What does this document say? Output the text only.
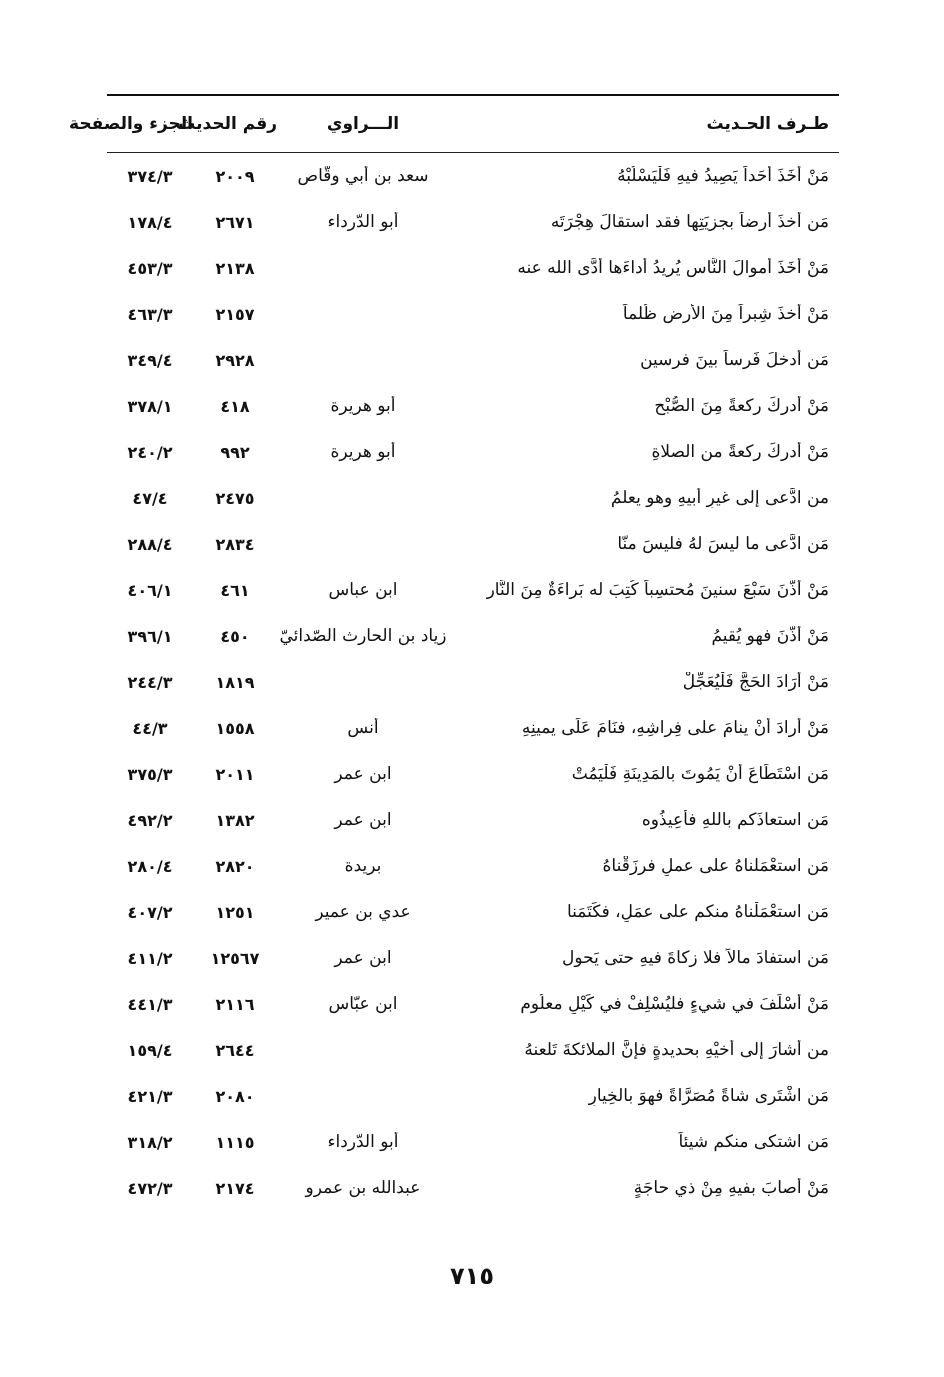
طـرف الحـديث
الـــراوي
رقم الحديث
الجزء والصفحة
مَنْ أَخَذَ أَحَداً يَصِيدُ فيهِ فَلْيَسْلُبْهُ
سعد بن أبي وقّاص
٢٠٠٩
٣٧٤/٣
مَن أخذَ أرضاً بجزيَتِها فقد استقالَ هِجْرَتَه
أبو الدّرداء
٢٦٧١
١٧٨/٤
مَنْ أَخَذَ أموالَ النَّاسِ يُريدُ أداءَها أدَّى الله عنه
٢١٣٨
٤٥٣/٣
مَنْ أخذَ شِبراً مِنَ الأرضِ ظُلماً
٢١٥٧
٤٦٣/٣
مَن أدخلَ فَرساً بينَ فرسينِ
٢٩٢٨
٣٤٩/٤
مَنْ أدركَ ركعةً مِنَ الصُّبْحِ
أبو هريرة
٤١٨
٣٧٨/١
مَنْ أدركَ ركعةً من الصلاةِ
أبو هريرة
٩٩٢
٢٤٠/٢
من ادَّعى إلى غيرِ أبيهِ وهو يعلمُ
٢٤٧٥
٤٧/٤
مَن ادَّعى ما ليسَ لهُ فليسَ منّا
٢٨٣٤
٢٨٨/٤
مَنْ أذَّنَ سَبْعَ سنينَ مُحتسِباً كُتِبَ له بَراءَةٌ مِنَ النَّار
ابن عباس
٤٦١
٤٠٦/١
مَنْ أذَّنَ فهو يُقيمُ
زياد بن الحارث الصّدائيّ
٤٥٠
٣٩٦/١
مَنْ أَرَادَ الحَجَّ فَلْيُعَجِّلْ
١٨١٩
٢٤٤/٣
مَنْ أرادَ أنْ ينامَ على فِراشِهِ، فنَامَ عَلَى يمينِهِ
أنس
١٥٥٨
٤٤/٣
مَنِ اسْتَطَاعَ أنْ يَمُوتَ بالمَدِينَةِ فَلْيَمُتْ
ابن عمر
٢٠١١
٣٧٥/٣
مَنِ استعاذَكم باللهِ فأَعِيذُوه
ابن عمر
١٣٨٢
٤٩٢/٢
مَن استعْمَلناهُ على عملٍ فرزَقْناهُ
بريدة
٢٨٢٠
٢٨٠/٤
مَن استعْمَلْناهُ منكم على عمَلٍ، فكَتَمَنا
عدي بن عمير
١٢٥١
٤٠٧/٢
مَن استفادَ مالاً فلا زكاةَ فيهِ حتى يَحول
ابن عمر
١٢٥٦٧
٤١١/٢
مَنْ أسْلَفَ في شيءٍ فليُسْلِفْ في كَيْلٍ معلُومٍ
ابن عبّاس
٢١١٦
٤٤١/٣
من أشارَ إلى أخيْهِ بحديدةٍ فإنَّ الملائكةَ تَلعنهُ
٢٦٤٤
١٥٩/٤
مَنِ اشْتَرى شاةً مُصَرَّاةً فهوَ بالخِيارِ
٢٠٨٠
٤٢١/٣
مَنِ اشتكى منكم شيئاً
أبو الدّرداء
١١١٥
٣١٨/٢
مَنْ أصابَ بفيهِ مِنْ ذي حاجَةٍ
عبدالله بن عمرو
٢١٧٤
٤٧٢/٣
٧١٥
